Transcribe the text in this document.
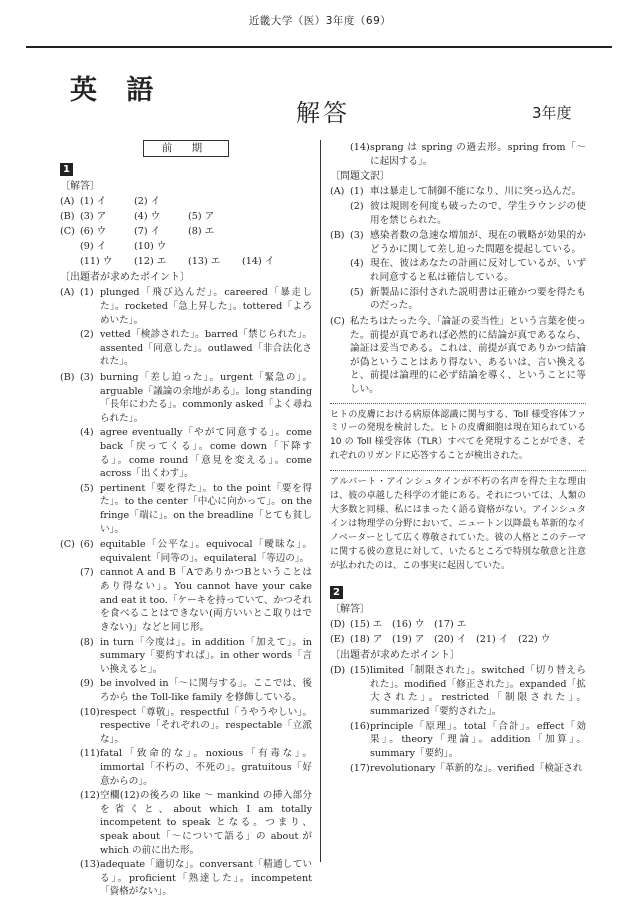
近畿大学（医）3年度（69）
英 語
解答	3年度
前 期
1
〔解答〕
(A) (1) イ	(2) イ
(B) (3) ア	(4) ウ	(5) ア
(C) (6) ウ	(7) イ	(8) エ
(9) イ	(10) ウ
(11) ウ	(12) エ	(13) エ	(14) イ
〔出題者が求めたポイント〕
(A) (1) plunged「飛び込んだ」。careered「暴走した」。rocketed「急上昇した」。tottered「よろめいた」。
(2) vetted「検診された」。barred「禁じられた」。assented「同意した」。outlawed「非合法化された」。
(B) (3) burning「差し迫った」。urgent「緊急の」。arguable「議論の余地がある」。long standing「長年にわたる」。commonly asked「よく尋ねられた」。
(4) agree eventually「やがて同意する」。come back「戻ってくる」。come down「下降する」。come round「意見を変える」。come across「出くわす」。
(5) pertinent「要を得た」。to the point「要を得た」。to the center「中心に向かって」。on the fringe「端に」。on the breadline「とても貧しい」。
(C) (6) equitable「公平な」。equivocal「曖昧な」。equivalent「同等の」。equilateral「等辺の」。
(7) cannot A and B「AでありかつBということはあり得ない」。You cannot have your cake and eat it too.「ケーキを持っていて、かつそれを食べることはできない(両方いいとこ取りはできない)」などと同じ形。
(8) in turn「今度は」。in addition「加えて」。in summary「要約すれば」。in other words「言い換えると」。
(9) be involved in「～に関与する」。ここでは、後ろから the Toll-like family を修飾している。
(10) respect「尊敬」。respectful「うやうやしい」。respective「それぞれの」。respectable「立派な」。
(11) fatal「致命的な」。noxious「有毒な」。immortal「不朽の、不死の」。gratuitous「好意からの」。
(12) 空欄(12)の後ろの like ～ mankind の挿入部分を省くと、about which I am totally incompetent to speak となる。つまり、speak about「～について語る」の about が which の前に出た形。
(13) adequate「適切な」。conversant「精通している」。proficient「熟達した」。incompetent「資格がない」。
(14) sprang は spring の過去形。spring from「～に起因する」。
〔問題文訳〕
(A) (1) 車は暴走して制御不能になり、川に突っ込んだ。
(2) 彼は規則を何度も破ったので、学生ラウンジの使用を禁じられた。
(B) (3) 感染者数の急速な増加が、現在の戦略が効果的かどうかに関して差し迫った問題を提起している。
(4) 現在、彼はあなたの計画に反対しているが、いずれ同意すると私は確信している。
(5) 新製品に添付された説明書は正確かつ要を得たものだった。
(C) 私たちはたった今、「論証の妥当性」という言葉を使った。前提が真であれば必然的に結論が真であるなら、論証は妥当である。これは、前提が真でありかつ結論が偽ということはあり得ない、あるいは、言い換えると、前提は論理的に必ず結論を導く、ということに等しい。
ヒトの皮膚における病原体認識に関与する、Toll 様受容体ファミリーの発現を検討した。ヒトの皮膚細胞は現在知られている 10 の Toll 様受容体（TLR）すべてを発現することができ、それぞれのリガンドに応答することが検出された。
アルバート・アインシュタインが不朽の名声を得た主な理由は、彼の卓越した科学の才能にある。それについては、人類の大多数と同様、私にはまったく語る資格がない。アインシュタインは物理学の分野において、ニュートン以降最も革新的なイノベーターとして広く尊敬されていた。彼の人格とこのテーマに関する彼の意見に対して、いたるところで特別な敬意と注意が払われたのは、この事実に起因していた。
2
〔解答〕
(D) (15) エ	(16) ウ	(17) エ
(E) (18) ア	(19) ア	(20) イ	(21) イ	(22) ウ
〔出題者が求めたポイント〕
(D) (15) limited「制限された」。switched「切り替えられた」。modified「修正された」。expanded「拡大された」。restricted「制限された」。summarized「要約された」。
(16) principle「原理」。total「合計」。effect「効果」。theory「理論」。addition「加算」。summary「要約」。
(17) revolutionary「革新的な」。verified「検証され
